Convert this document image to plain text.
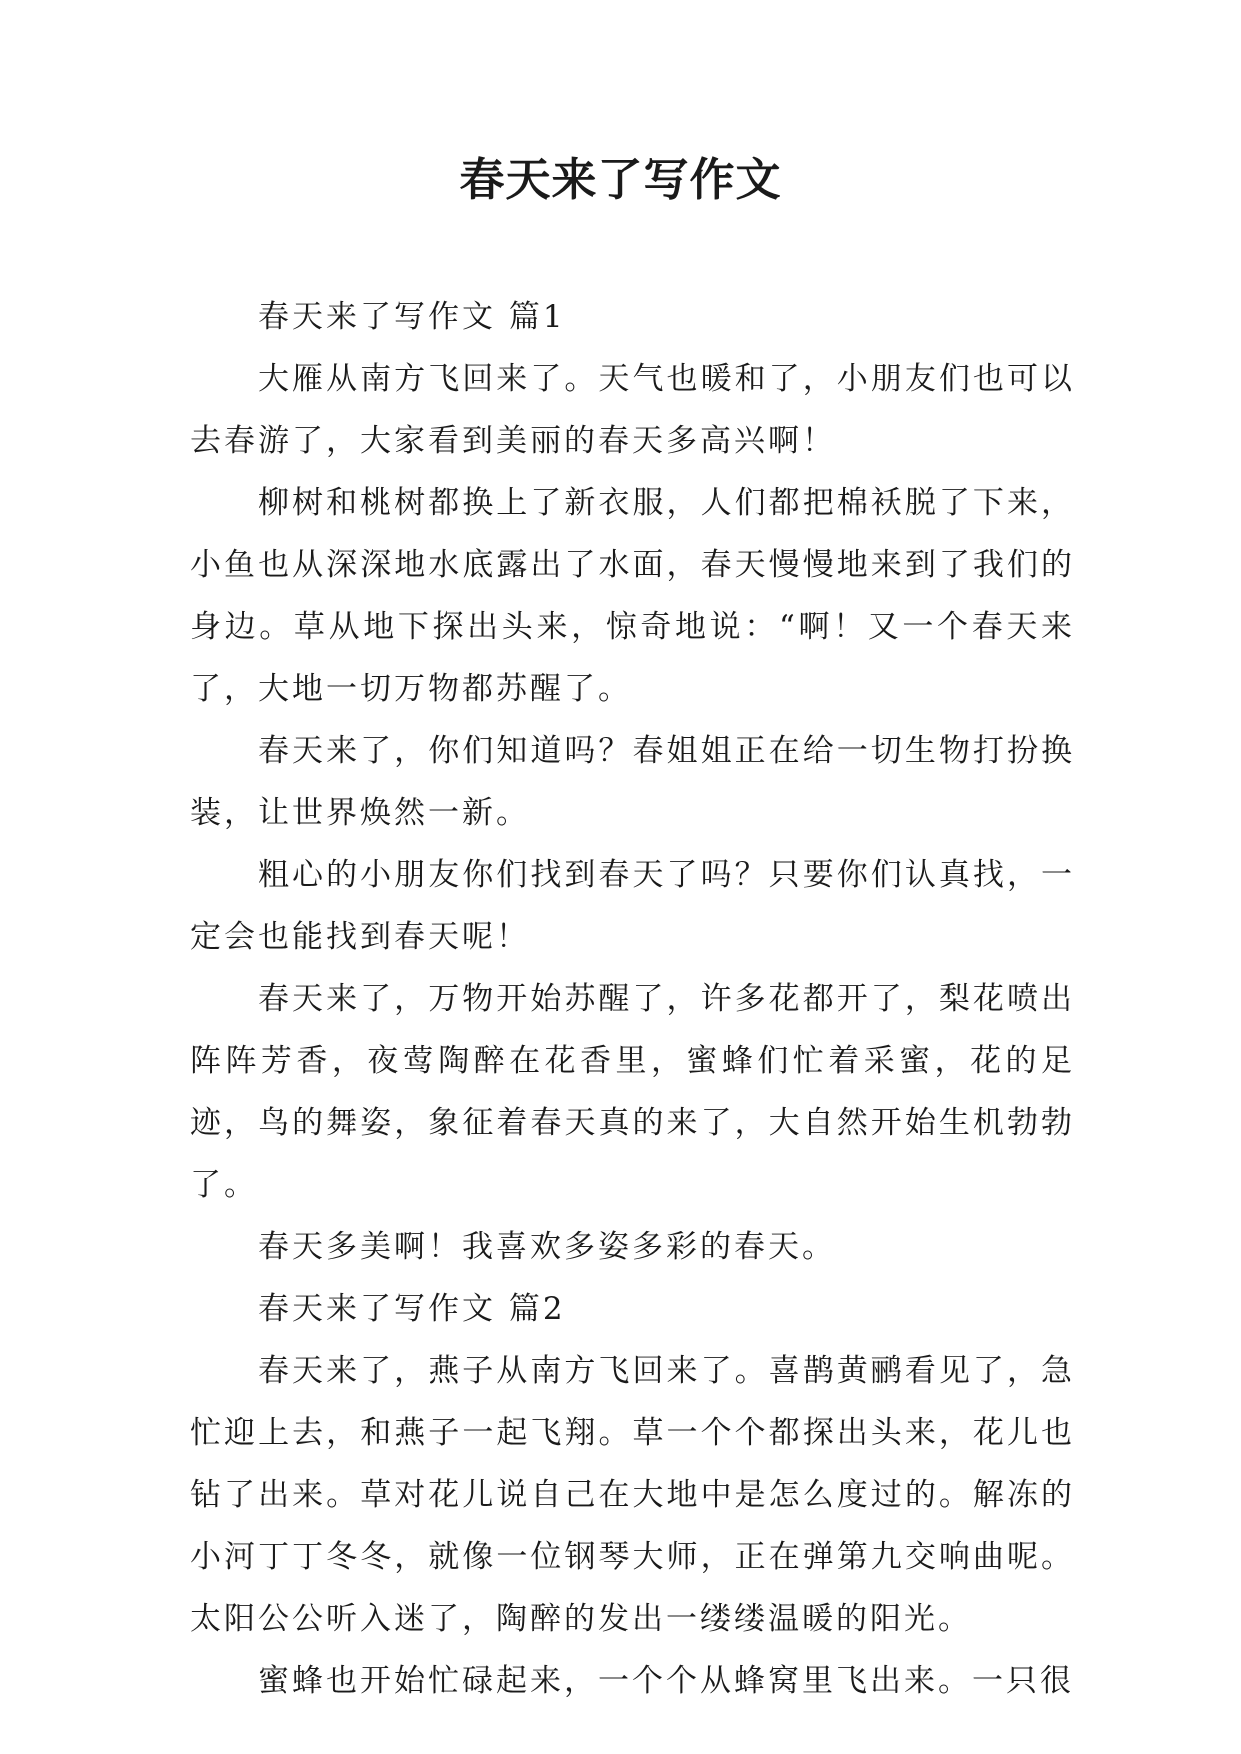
春天来了写作文

春天来了写作文 篇1

大雁从南方飞回来了。天气也暖和了，小朋友们也可以去春游了，大家看到美丽的春天多高兴啊！

柳树和桃树都换上了新衣服，人们都把棉袄脱了下来，小鱼也从深深地水底露出了水面，春天慢慢地来到了我们的身边。草从地下探出头来，惊奇地说：“啊！又一个春天来了，大地一切万物都苏醒了。

春天来了，你们知道吗？春姐姐正在给一切生物打扮换装，让世界焕然一新。

粗心的小朋友你们找到春天了吗？只要你们认真找，一定会也能找到春天呢！

春天来了，万物开始苏醒了，许多花都开了，梨花喷出阵阵芳香，夜莺陶醉在花香里，蜜蜂们忙着采蜜，花的足迹，鸟的舞姿，象征着春天真的来了，大自然开始生机勃勃了。

春天多美啊！我喜欢多姿多彩的春天。

春天来了写作文 篇2

春天来了，燕子从南方飞回来了。喜鹊黄鹂看见了，急忙迎上去，和燕子一起飞翔。草一个个都探出头来，花儿也钻了出来。草对花儿说自己在大地中是怎么度过的。解冻的小河丁丁冬冬，就像一位钢琴大师，正在弹第九交响曲呢。太阳公公听入迷了，陶醉的发出一缕缕温暖的阳光。

蜜蜂也开始忙碌起来，一个个从蜂窝里飞出来。一只很
